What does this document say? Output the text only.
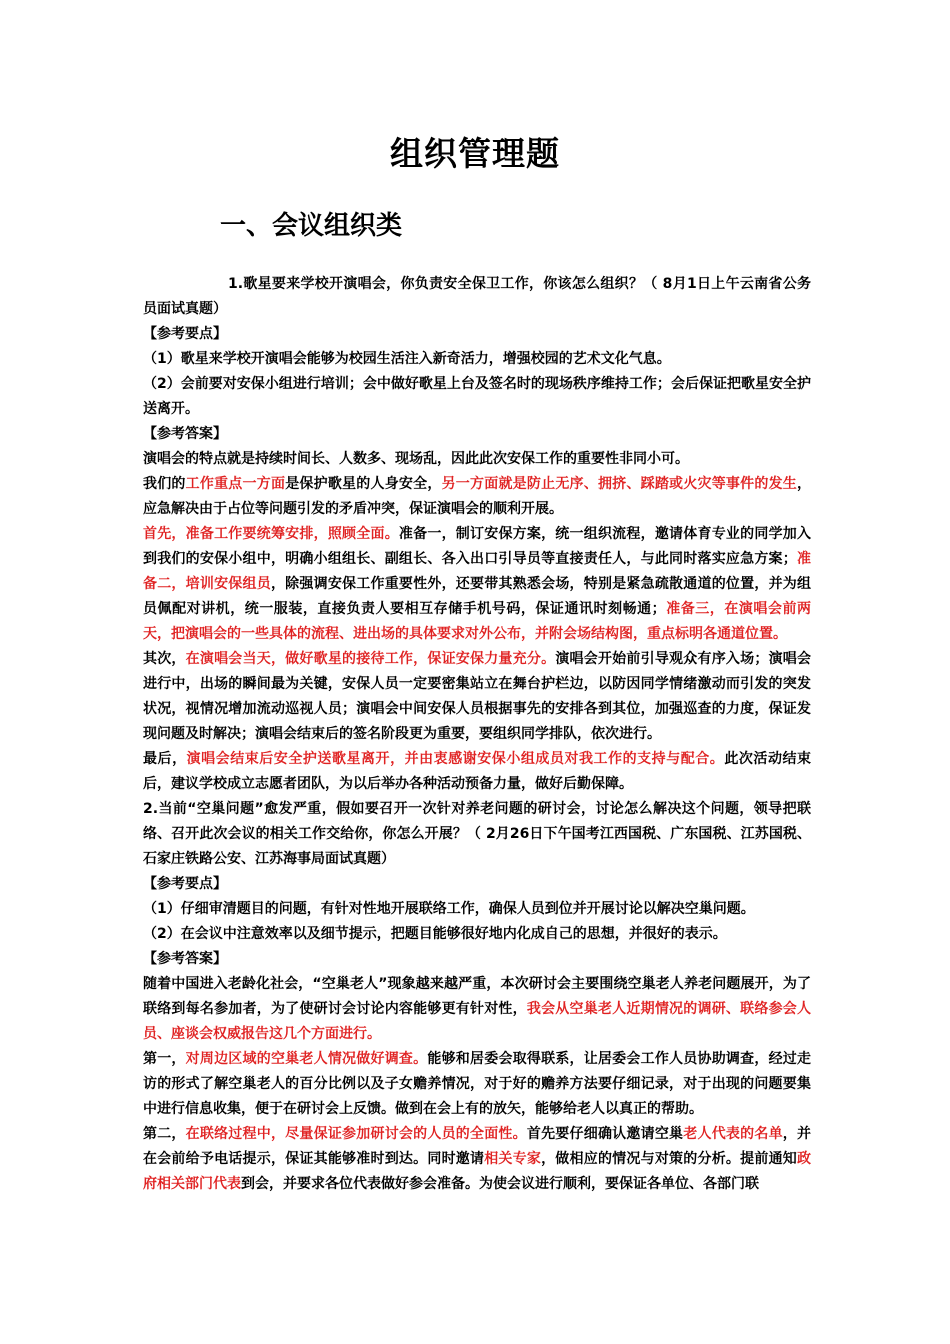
组织管理题
一、会议组织类

1.歌星要来学校开演唱会，你负责安全保卫工作，你该怎么组织？（ 8月1日上午云南省公务员面试真题）

【参考要点】

（1）歌星来学校开演唱会能够为校园生活注入新奇活力，增强校园的艺术文化气息。

（2）会前要对安保小组进行培训；会中做好歌星上台及签名时的现场秩序维持工作；会后保证把歌星安全护送离开。

【参考答案】

演唱会的特点就是持续时间长、人数多、现场乱，因此此次安保工作的重要性非同小可。

我们的工作重点一方面是保护歌星的人身安全，另一方面就是防止无序、拥挤、踩踏或火灾等事件的发生，应急解决由于占位等问题引发的矛盾冲突，保证演唱会的顺利开展。

首先，准备工作要统筹安排，照顾全面。准备一，制订安保方案，统一组织流程，邀请体育专业的同学加入到我们的安保小组中，明确小组组长、副组长、各入出口引导员等直接责任人，与此同时落实应急方案；准备二，培训安保组员，除强调安保工作重要性外，还要带其熟悉会场，特别是紧急疏散通道的位置，并为组员佩配对讲机，统一服装，直接负责人要相互存储手机号码，保证通讯时刻畅通；准备三，在演唱会前两天，把演唱会的一些具体的流程、进出场的具体要求对外公布，并附会场结构图，重点标明各通道位置。

其次，在演唱会当天，做好歌星的接待工作，保证安保力量充分。演唱会开始前引导观众有序入场；演唱会进行中，出场的瞬间最为关键，安保人员一定要密集站立在舞台护栏边，以防因同学情绪激动而引发的突发状况，视情况增加流动巡视人员；演唱会中间安保人员根据事先的安排各到其位，加强巡查的力度，保证发现问题及时解决；演唱会结束后的签名阶段更为重要，要组织同学排队，依次进行。

最后，演唱会结束后安全护送歌星离开，并由衷感谢安保小组成员对我工作的支持与配合。此次活动结束后，建议学校成立志愿者团队，为以后举办各种活动预备力量，做好后勤保障。

2.当前“空巢问题”愈发严重，假如要召开一次针对养老问题的研讨会，讨论怎么解决这个问题，领导把联络、召开此次会议的相关工作交给你，你怎么开展？（ 2月26日下午国考江西国税、广东国税、江苏国税、石家庄铁路公安、江苏海事局面试真题）

【参考要点】

（1）仔细审清题目的问题，有针对性地开展联络工作，确保人员到位并开展讨论以解决空巢问题。

（2）在会议中注意效率以及细节提示，把题目能够很好地内化成自己的思想，并很好的表示。

【参考答案】

随着中国进入老龄化社会，“空巢老人”现象越来越严重，本次研讨会主要围绕空巢老人养老问题展开，为了联络到每名参加者，为了使研讨会讨论内容能够更有针对性，我会从空巢老人近期情况的调研、联络参会人员、座谈会权威报告这几个方面进行。

第一，对周边区域的空巢老人情况做好调查。能够和居委会取得联系，让居委会工作人员协助调查，经过走访的形式了解空巢老人的百分比例以及子女赡养情况，对于好的赡养方法要仔细记录，对于出现的问题要集中进行信息收集，便于在研讨会上反馈。做到在会上有的放矢，能够给老人以真正的帮助。

第二，在联络过程中，尽量保证参加研讨会的人员的全面性。首先要仔细确认邀请空巢老人代表的名单，并在会前给予电话提示，保证其能够准时到达。同时邀请相关专家，做相应的情况与对策的分析。提前通知政府相关部门代表到会，并要求各位代表做好参会准备。为使会议进行顺利，要保证各单位、各部门联
